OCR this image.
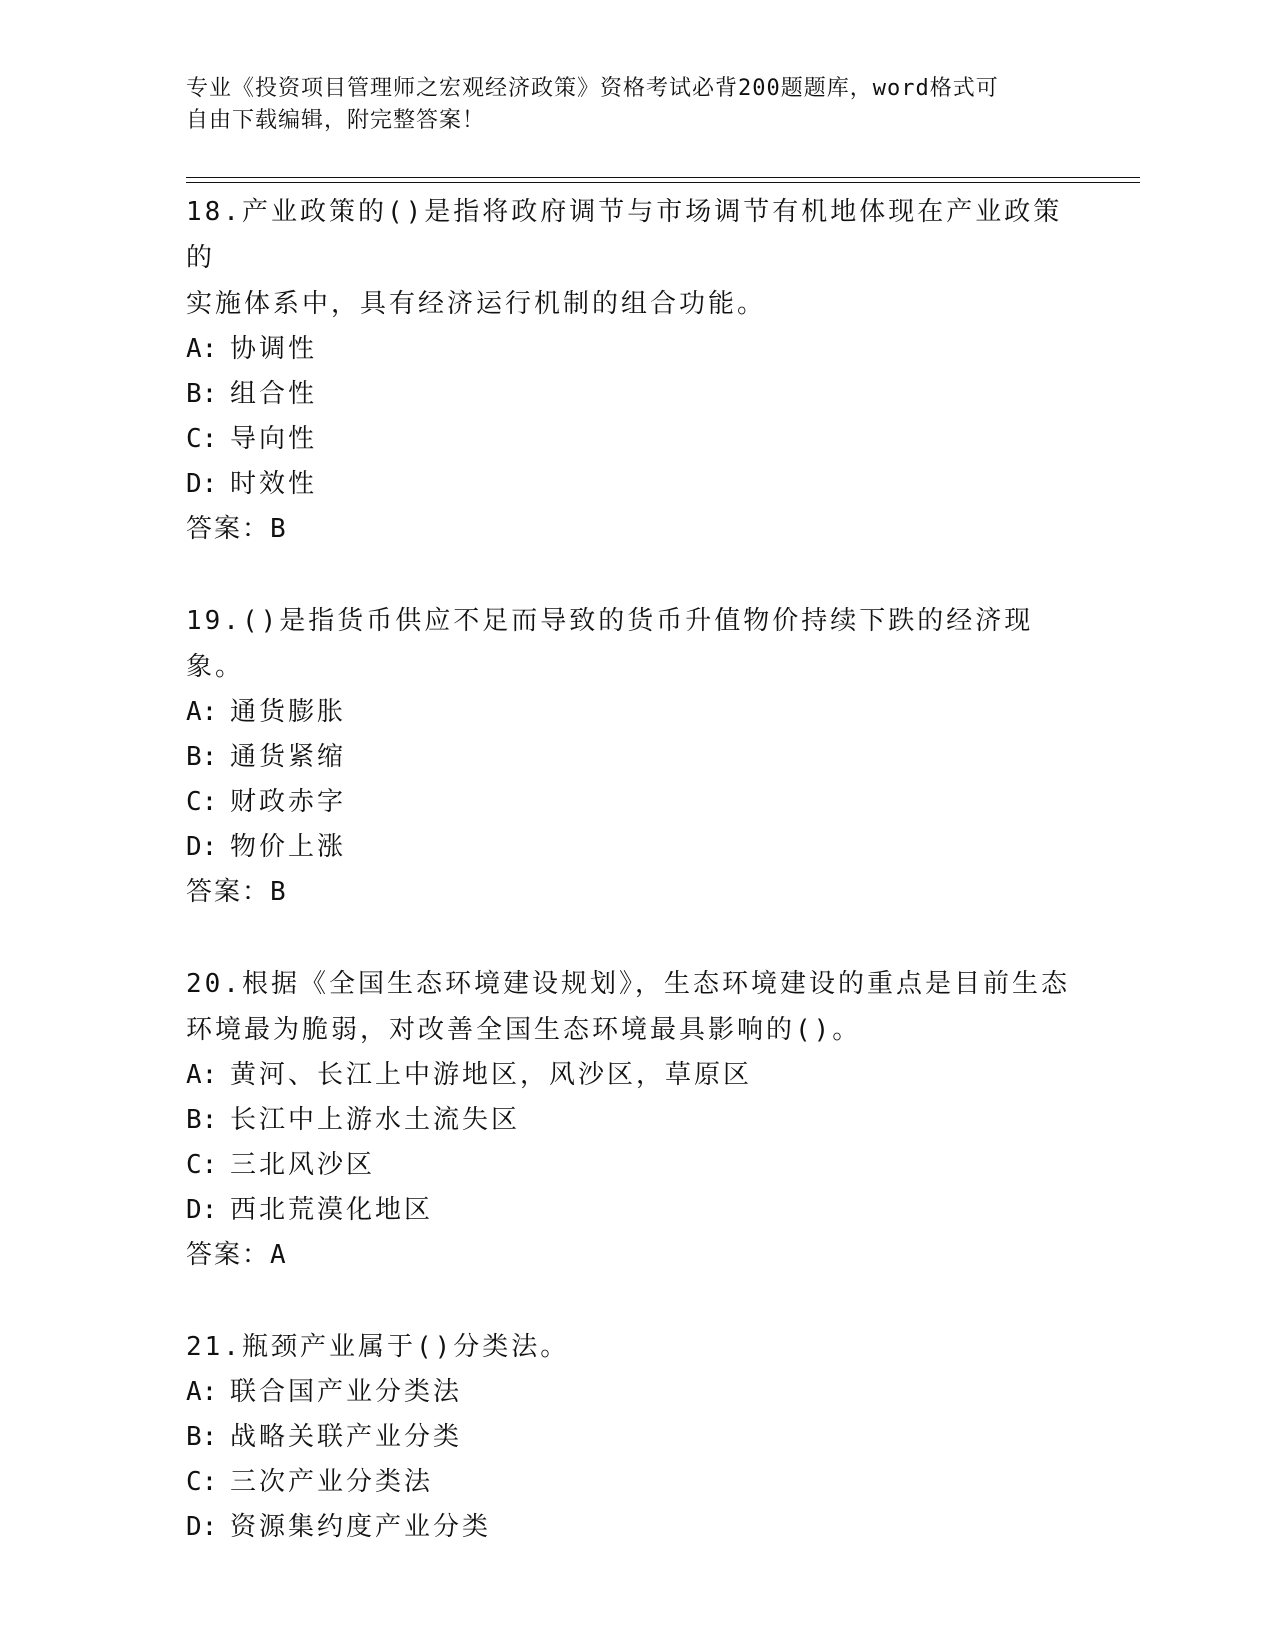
专业《投资项目管理师之宏观经济政策》资格考试必背200题题库，word格式可
自由下载编辑，附完整答案！

18.产业政策的()是指将政府调节与市场调节有机地体现在产业政策的
实施体系中，具有经济运行机制的组合功能。

A: 协调性

B: 组合性

C: 导向性

D: 时效性

答案：B

19.()是指货币供应不足而导致的货币升值物价持续下跌的经济现象。

A: 通货膨胀

B: 通货紧缩

C: 财政赤字

D: 物价上涨

答案：B

20.根据《全国生态环境建设规划》，生态环境建设的重点是目前生态
环境最为脆弱，对改善全国生态环境最具影响的()。

A: 黄河、长江上中游地区，风沙区，草原区

B: 长江中上游水土流失区

C: 三北风沙区

D: 西北荒漠化地区

答案：A

21.瓶颈产业属于()分类法。

A: 联合国产业分类法

B: 战略关联产业分类

C: 三次产业分类法

D: 资源集约度产业分类
